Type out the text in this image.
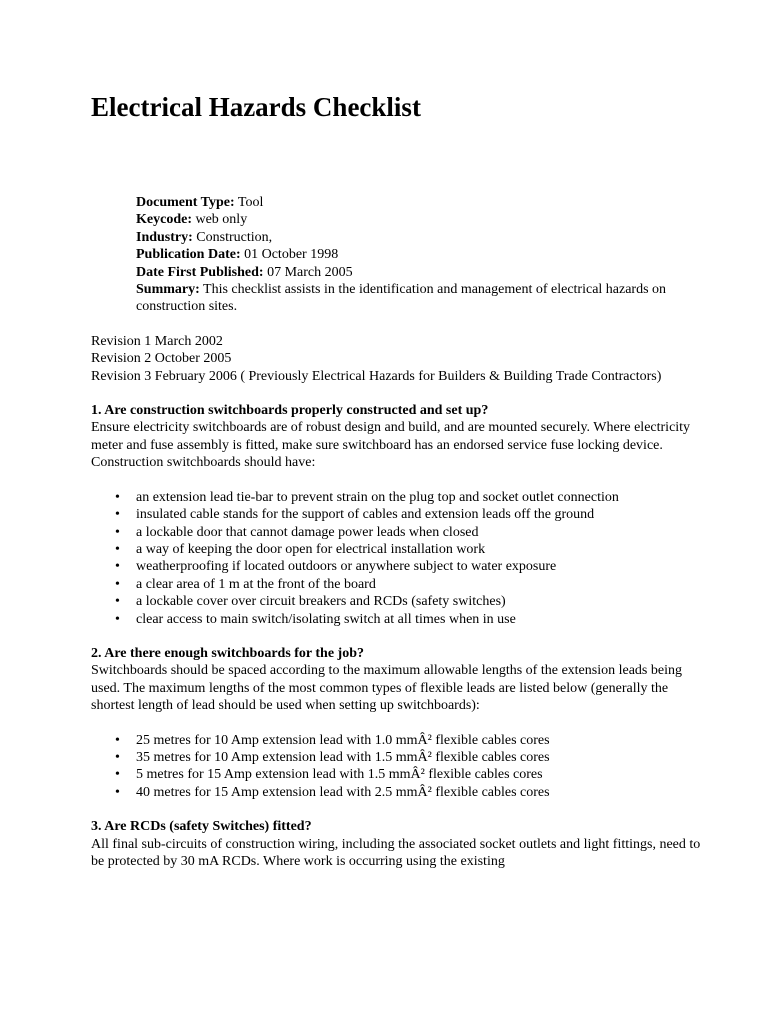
Electrical Hazards Checklist
Document Type: Tool
Keycode: web only
Industry: Construction,
Publication Date: 01 October 1998
Date First Published: 07 March 2005
Summary: This checklist assists in the identification and management of electrical hazards on construction sites.
Revision 1 March 2002
Revision 2 October 2005
Revision 3 February 2006 ( Previously Electrical Hazards for Builders & Building Trade Contractors)
1. Are construction switchboards properly constructed and set up?

Ensure electricity switchboards are of robust design and build, and are mounted securely. Where electricity meter and fuse assembly is fitted, make sure switchboard has an endorsed service fuse locking device. Construction switchboards should have:

• an extension lead tie-bar to prevent strain on the plug top and socket outlet connection
• insulated cable stands for the support of cables and extension leads off the ground
• a lockable door that cannot damage power leads when closed
• a way of keeping the door open for electrical installation work
• weatherproofing if located outdoors or anywhere subject to water exposure
• a clear area of 1 m at the front of the board
• a lockable cover over circuit breakers and RCDs (safety switches)
• clear access to main switch/isolating switch at all times when in use
2. Are there enough switchboards for the job?

Switchboards should be spaced according to the maximum allowable lengths of the extension leads being used. The maximum lengths of the most common types of flexible leads are listed below (generally the shortest length of lead should be used when setting up switchboards):

• 25 metres for 10 Amp extension lead with 1.0 mmÂ² flexible cables cores
• 35 metres for 10 Amp extension lead with 1.5 mmÂ² flexible cables cores
• 5 metres for 15 Amp extension lead with 1.5 mmÂ² flexible cables cores
• 40 metres for 15 Amp extension lead with 2.5 mmÂ² flexible cables cores
3. Are RCDs (safety Switches) fitted?

All final sub-circuits of construction wiring, including the associated socket outlets and light fittings, need to be protected by 30 mA RCDs. Where work is occurring using the existing
